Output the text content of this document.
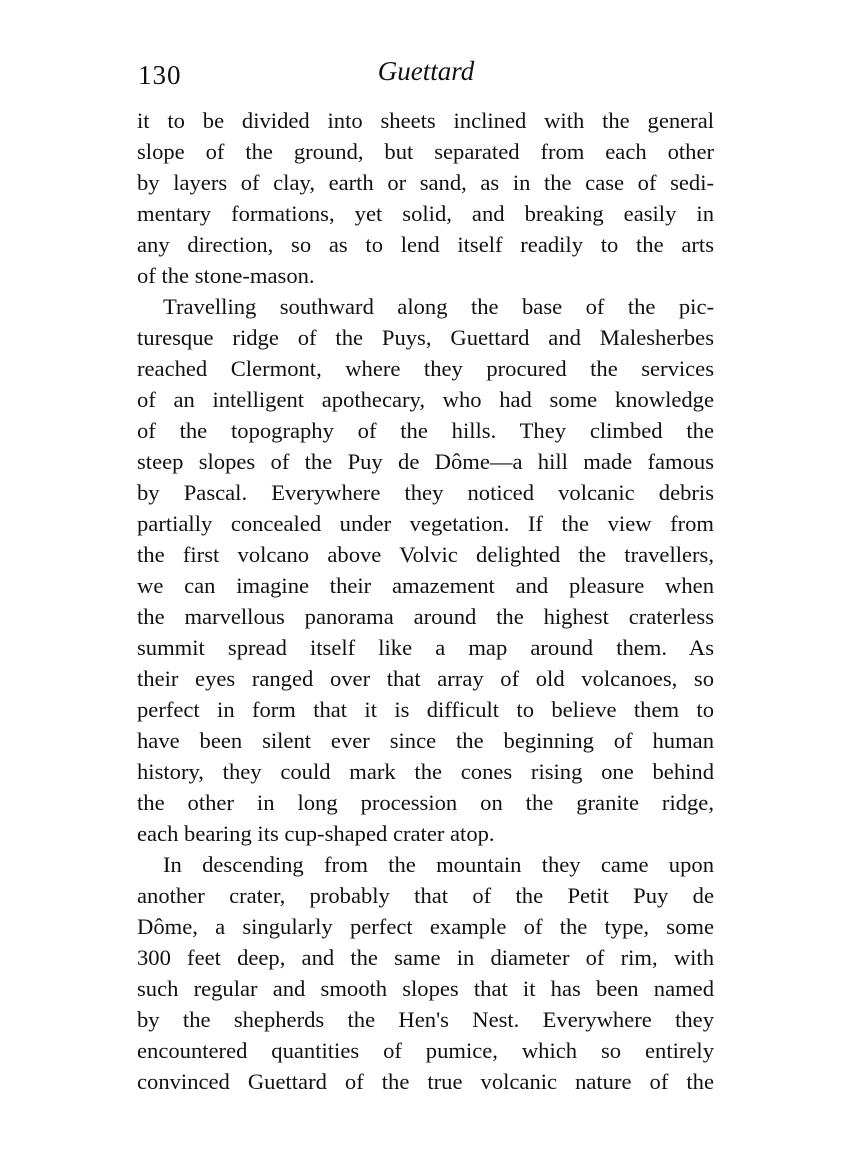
130	Guettard
it to be divided into sheets inclined with the general
slope of the ground, but separated from each other
by layers of clay, earth or sand, as in the case of sedi-
mentary formations, yet solid, and breaking easily in
any direction, so as to lend itself readily to the arts
of the stone-mason.
Travelling southward along the base of the pic-
turesque ridge of the Puys, Guettard and Malesherbes
reached Clermont, where they procured the services
of an intelligent apothecary, who had some knowledge
of the topography of the hills. They climbed the
steep slopes of the Puy de Dôme—a hill made famous
by Pascal. Everywhere they noticed volcanic debris
partially concealed under vegetation. If the view from
the first volcano above Volvic delighted the travellers,
we can imagine their amazement and pleasure when
the marvellous panorama around the highest craterless
summit spread itself like a map around them. As
their eyes ranged over that array of old volcanoes, so
perfect in form that it is difficult to believe them to
have been silent ever since the beginning of human
history, they could mark the cones rising one behind
the other in long procession on the granite ridge,
each bearing its cup-shaped crater atop.
In descending from the mountain they came upon
another crater, probably that of the Petit Puy de
Dôme, a singularly perfect example of the type, some
300 feet deep, and the same in diameter of rim, with
such regular and smooth slopes that it has been named
by the shepherds the Hen's Nest. Everywhere they
encountered quantities of pumice, which so entirely
convinced Guettard of the true volcanic nature of the
